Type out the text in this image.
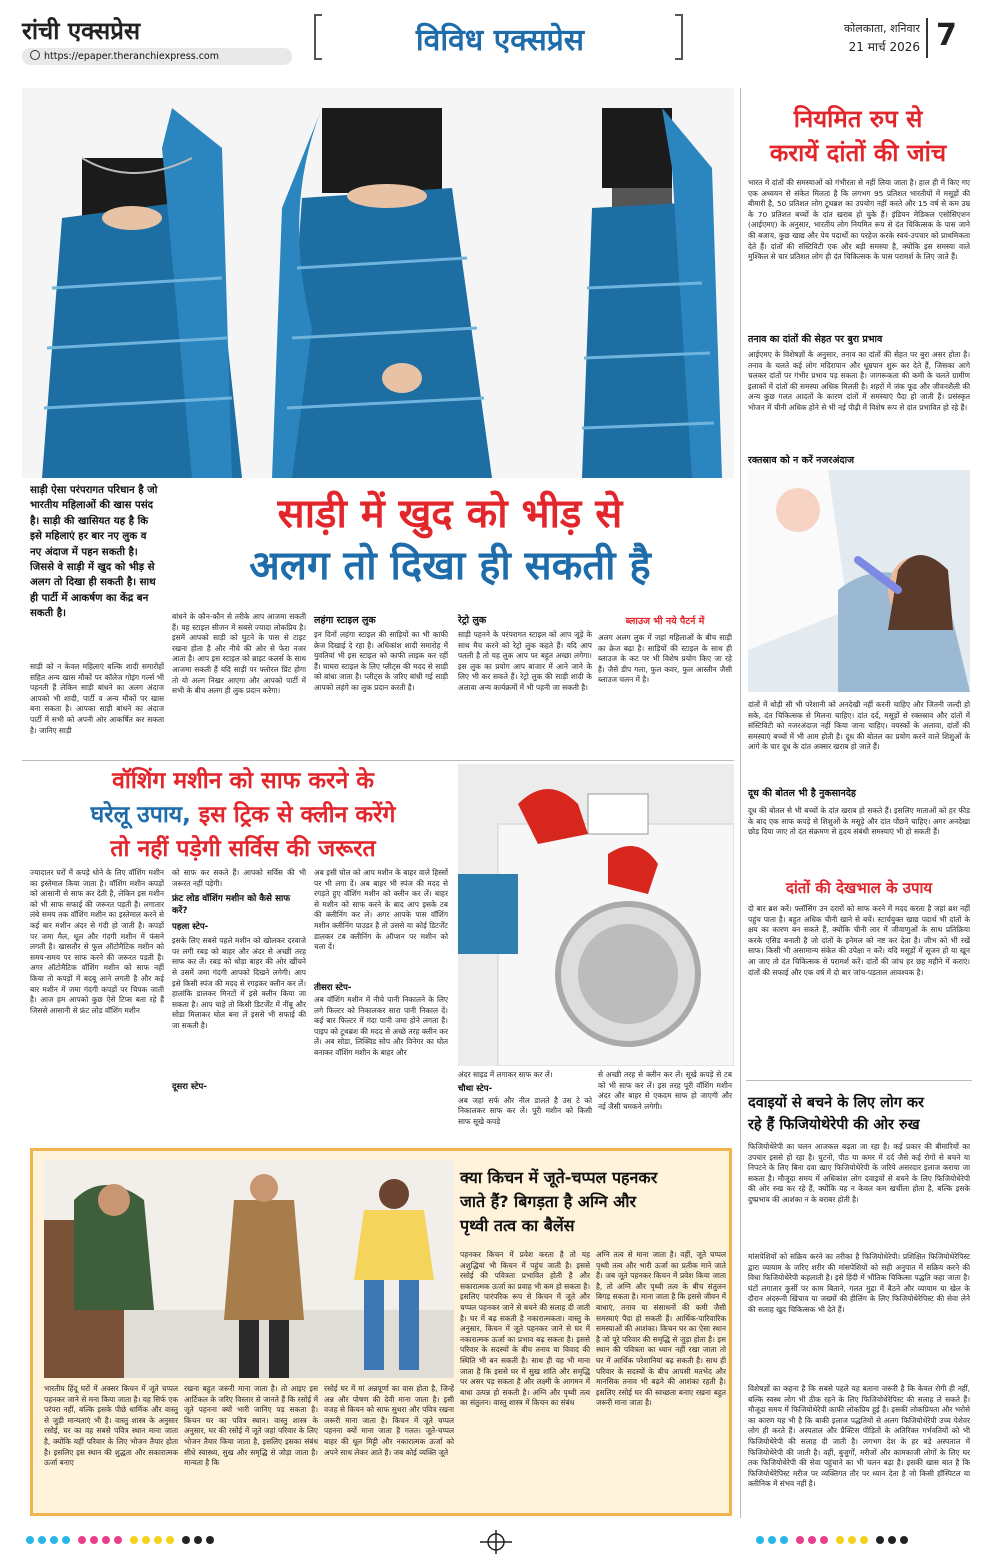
रांची एक्सप्रेस
https://epaper.theranchiexpress.com	विविध एक्सप्रेस	कोलकाता, शनिवार
21 मार्च 2026 7
साड़ी ऐसा परंपरागत परिधान है जो भारतीय महिलाओं की खास पसंद है। साड़ी की खासियत यह है कि इसे महिलाएं हर बार नए लुक व नए अंदाज में पहन सकती है। जिससे वे साड़ी में खुद को भीड़ से अलग तो दिखा ही सकती है। साथ ही पार्टी में आकर्षण का केंद्र बन सकती है।
साड़ी में खुद को भीड़ से
अलग तो दिखा ही सकती है
साड़ी को न केवल महिलाएं बल्कि शादी समारोहों सहित अन्य खास मौकों पर कॉलेज गोइंग गर्ल्स भी पहनती हैं लेकिन साड़ी बांधने का अलग अंदाज आपको भी शादी, पार्टी व अन्य मौकों पर खास बना सकता है। आपका साड़ी बांधने का अंदाज पार्टी में सभी को अपनी ओर आकर्षित कर सकता है। जानिए साड़ी
बांधने के कौन-कौन से तरीके आप आजमा सकती हैं। यह स्टाइल सीजन में सबसे ज्यादा लोकप्रिय है। इसमें आपको साड़ी को घुटने के पास से टाइट रखना होता है और नीचे की ओर से फेरा नजर आता है। आप इस स्टाइल को ब्राइट कलर्स के साथ आजमा सकती हैं यदि साड़ी पर फ्लोरल प्रिंट होगा तो यो अल्ग निखर आएगा और आपको पार्टी में सभी के बीच अलग ही लुक प्रदान करेगा।
लहंगा स्टाइल लुक
इन दिनों लहंगा स्टाइल की साड़ियों का भी काफी क्रेज दिखाई दे रहा है। अधिकांश शादी समारोह में युवतियां भी इस स्टाइल को काफी लाइक कर रहीं हैं। घाघरा स्टाइल के लिए प्लीट्स की मदद से साड़ी को बांधा जाता है। प्लीट्स के जरिए बांधी गई साड़ी आपको लहंगे का लुक प्रदान करती है।
रेट्रो लुक
साड़ी पहनने के परंपरागत स्टाइल को आप जूड़े के साथ मैच करने को रेट्रो लुक कहते हैं। यदि आप पतली है तो यह लुक आप पर बहुत अच्छा लगेगा। इस लुक का प्रयोग आप बाजार में आने जाने के लिए भी कर सकते हैं। रेट्रो लुक की साड़ी शादी के अलावा अन्य कार्यक्रमों में भी पहनी जा सकती है।
ब्लाउज भी नये पैटर्न में
अलग अलग लुक में जहां महिलाओं के बीच साड़ी का क्रेज बढ़ा है। साड़ियों की स्टाइल के साथ ही ब्लाउज के कट पर भी विशेष प्रयोग किए जा रहे हैं। जैसे डीप गला, फुल कवर, फुल आस्तीन जैसी ब्लाउज चलन में है।
वॉशिंग मशीन को साफ करने के
घरेलू उपाय, इस ट्रिक से क्लीन करेंगे
तो नहीं पड़ेगी सर्विस की जरूरत
ज्यादातर घरों में कपड़े धोने के लिए वॉशिंग मशीन का इस्तेमाल किया जाता है। वॉशिंग मशीन कपड़ों को आसानी से साफ कर देती है, लेकिन इस मशीन को भी साफ सफाई की जरूरत पड़ती है। लगातार लंबे समय तक वॉशिंग मशीन का इस्तेमाल करने से कई बार मशीन अंदर से गंदी हो जाती है। कपड़ों पर जमा मैल, धूल और गंदगी मशीन में फंसने लगती है। खासतौर से फुल ऑटोमैटिक मशीन को समय-समय पर साफ करने की जरूरत पड़ती है। अगर ऑटोमैटिक वॉशिंग मशीन को साफ नहीं किया तो कपड़ों में बदबू आने लगती है और कई बार मशीन में जमा गंदगी कपड़ों पर चिपक जाती है। आज हम आपको कुछ ऐसे टिप्स बता रहे हैं जिससे आसानी से फ्रंट लोड वॉशिंग मशीन
को साफ कर सकते हैं। आपको सर्विस की भी जरूरत नहीं पड़ेगी।
फ्रंट लोड वॉशिंग मशीन को कैसे साफ करें?
पहला स्टेप-
इसके लिए सबसे पहले मशीन को खोलकर दरवाजे पर लगी रबड़ को बाहर और अंदर से अच्छी तरह साफ कर लें। रबड़ को थोड़ा बाहर की ओर खींचने से उसमें जमा गंदगी आपको दिखने लगेगी। आप इसे किसी स्पंज की मदद से रगड़कर क्लीन कर लें। हालांकि डालकर मिनटों में इसे क्लीन किया जा सकता है। आप चाहे तो किसी डिटर्जेंट में नींबू और सोडा मिलाकर घोल बना लें इससे भी सफाई की जा सकती है।
दूसरा स्टेप-
अब इसी घोल को आप मशीन के बाहर वाले हिस्सों पर भी लगा दें। अब बाहर भी स्पंज की मदद से रगड़ते हुए वॉशिंग मशीन को क्लीन कर लें। बाहर से मशीन को साफ करने के बाद आप इसके टब की क्लीनिंग कर लें। अगर आपके पास वॉशिंग मशीन क्लीनिंग पाउडर है तो उससे या कोई डिटर्जेंट डालकर टब क्लीनिंग के ऑप्शन पर मशीन को चला दें।
तीसरा स्टेप-
अब वॉशिंग मशीन में नीचे पानी निकालने के लिए लगे फिल्टर को निकालकर सारा पानी निकाल दें। कई बार फिल्टर में गंदा पानी जमा होने लगता है। पाइप को टूथब्रश की मदद से अच्छे तरह क्लीन कर लें। अब सोडा, लिक्विड सोप और विनेगर का घोल बनाकर वॉशिंग मशीन के बाहर और
अंदर साइड में लगाकर साफ कर लें।
चौथा स्टेप-
अब जहां सर्फ और नील डालते है उस टे को निकालकर साफ कर लें। पूरी मशीन को किसी साफ सूखे कपड़े
से अच्छी तरह से क्लीन कर लें। सूखे कपड़े से टब को भी साफ कर लें। इस तरह पूरी वॉशिंग मशीन अंदर और बाहर से एकदम साफ हो जाएगी और नई जैसी चमकने लगेगी।
क्या किचन में जूते-चप्पल पहनकर
जाते हैं? बिगड़ता है अग्नि और
पृथ्वी तत्व का बैलेंस
भारतीय हिंदू घरों में अक्सर किचन में जूते चप्पल पहनकर जाने से मना किया जाता है। यह सिर्फ एक परंपरा नहीं, बल्कि इसके पीछे धार्मिक और वास्तु से जुड़ी मान्यताएं भी है। वास्तु शास्त्र के अनुसार रसोई, घर का वह सबसे पवित्र स्थान माना जाता है, क्योंकि यहीं परिवार के लिए भोजन तैयार होता है। इसलिए इस स्थान की शुद्धता और सकारात्मक ऊर्जा बनाए
रखना बहुत जरूरी माना जाता है। तो आइए इस आर्टिकल के जरिए विस्तार से जानते हैं कि रसोई में जूते पहनना क्यों भारी जानिए पड़ सकता है। किचन घर का पवित्र स्थान। वास्तु शास्त्र के अनुसार, घर की रसोई में जूते जहां परिवार के लिए भोजन तैयार किया जाता है, इसलिए इसका संबंध सीधे स्वास्थ्य, सुख और समृद्धि से जोड़ा जाता है। मान्यता है कि
रसोई घर में मां अन्नपूर्णा का वास होता है, जिन्हें अन्न और पोषण की देवी माना जाता है। इसी वजह से किचन को साफ सुथरा और पवित्र रखना जरूरी माना जाता है। किचन में जूते चप्पल पहनना क्यों माना जाता है गलत। जूते-चप्पल बाहर की धूल मिट्टी और नकारात्मक ऊर्जा को अपने साथ लेकर आते हैं। जब कोई व्यक्ति जूते
पहनकर किचन में प्रवेश करता है तो यह अशुद्धियां भी किचन में पहुंच जाती है। इससे रसोई की पवित्रता प्रभावित होती है और सकारात्मक ऊर्जा का प्रवाह भी कम हो सकता है। इसलिए पारंपरिक रूप से किचन में जूते और चप्पल पहनकर जाने से बचने की सलाह दी जाती है। घर में बढ़ सकती है नकारात्मकता। वास्तु के अनुसार, किचन में जूते पहनकर जाने से घर में नकारात्मक ऊर्जा का प्रभाव बढ़ सकता है। इससे परिवार के सदस्यों के बीच तनाव या विवाद की स्थिति भी बन सकती है। साथ ही यह भी माना जाता है कि इससे घर में सुख शांति और समृद्धि पर असर पड़ सकता है और लक्ष्मी के आगमन में बाधा उत्पन्न हो सकती है। अग्नि और पृथ्वी तत्व का संतुलन। वास्तु शास्त्र में किचन का संबंध
अग्नि तत्व से माना जाता है। वहीं, जूते चप्पल पृथ्वी तत्व और भारी ऊर्जा का प्रतीक माने जाते हैं। जब जूते पहनकर किचन में प्रवेश किया जाता है, तो अग्नि और पृथ्वी तत्व के बीच संतुलन बिगड़ सकता है। माना जाता है कि इससे जीवन में बाधाएं, तनाव या संसाधनों की कमी जैसी समस्याएं पैदा हो सकती हैं। आर्थिक-पारिवारिक समस्याओं की आशंका। किचन घर का ऐसा स्थान है जो पूरे परिवार की समृद्धि से जुड़ा होता है। इस स्थान की पवित्रता का ध्यान नहीं रखा जाता तो घर में आर्थिक परेशानियां बढ़ सकती है। साथ ही परिवार के सदस्यों के बीच आपसी मतभेद और मानसिक तनाव भी बढ़ने की आशंका रहती है। इसलिए रसोई घर की स्वच्छता बनाए रखना बहुत जरूरी माना जाता है।
नियमित रुप से
करायें दांतों की जांच
भारत में दांतों की समस्याओं को गंभीरता से नहीं लिया जाता है। हाल ही में किए गए एक अध्ययन से संकेत मिलता है कि लगभग 95 प्रतिशत भारतीयों में मसूड़ों की बीमारी है, 50 प्रतिशत लोग टूथब्रश का उपयोग नहीं करते और 15 वर्ष से कम उम्र के 70 प्रतिशत बच्चों के दांत खराब हो चुके हैं। इंडियन मेडिकल एसोसिएशन (आईएमए) के अनुसार, भारतीय लोग नियमित रूप से दंत चिकित्सक के पास जाने की बजाय, कुछ खाद्य और पेय पदार्थों का परहेज करके स्वयं-उपचार को प्राथमिकता देते हैं। दांतों की संस्टिविटी एक और बड़ी समस्या है, क्योंकि इस समस्या वाले मुश्किल से चार प्रतिशत लोग ही दंत चिकित्सक के पास परामर्श के लिए जाते हैं।
तनाव का दांतों की सेहत पर बुरा प्रभाव
आईएमए के विशेषज्ञों के अनुसार, तनाव का दांतों की सेहत पर बुरा असर होता है। तनाव के चलते कई लोग मदिरापान और धूम्रपान शुरू कर देते हैं, जिसका आगे चलकर दांतों पर गंभीर प्रभाव पड़ सकता है। जागरूकता की कमी के चलते ग्रामीण इलाकों में दांतों की समस्या अधिक मिलती है। शहरों में जंक फूड और जीवनशैली की अन्य कुछ गलत आदतों के कारण दांतों में समस्याएं पैदा हो जाती हैं। प्रसंस्कृत भोजन में चीनी अधिक होने से भी नई पीढ़ी में विशेष रूप से दांत प्रभावित हो रहे हैं।
रक्तस्राव को न करें नजरअंदाज
दांतों में थोड़ी सी भी परेशानी को अनदेखी नहीं करनी चाहिए और जितनी जल्दी हो सके, दंत चिकित्सक से मिलना चाहिए। दांत दर्द, मसूड़ों से रक्तस्राव और दांतों में संस्टिविटी को नजरअंदाज नहीं किया जाना चाहिए। वयस्कों के अलावा, दांतों की समस्याएं बच्चों में भी आम होती है। दूध की बोतल का प्रयोग करने वाले शिशुओं के आगे के चार दूध के दांत अक्सर खराब हो जाते हैं।
दूध की बोतल भी है नुकसानदेह
दूध की बोतल से भी बच्चों के दांत खराब हो सकते हैं। इसलिए माताओं को हर फीड के बाद एक साफ कपड़े से शिशुओं के मसूड़े और दांत पोंछने चाहिए। अगर अनदेखा छोड़ दिया जाए तो दंत संक्रमण से हृदय संबंधी समस्याएं भी हो सकती हैं।
दांतों की देखभाल के उपाय
दो बार ब्रश करें। फ्लॉसिंग उन दरारों को साफ करने में मदद करता है जहां ब्रश नहीं पहुंच पाता है। बहुत अधिक चीनी खाने से बचें। स्टार्चयुक्त खाद्य पदार्थ भी दांतों के क्षय का कारण बन सकते हैं, क्योंकि चीनी लार में जीवाणुओं के साथ प्रतिक्रिया करके एसिड बनाती है जो दांतों के इनेमल को नष्ट कर देता है। जीभ को भी रखें साफ। किसी भी असामान्य संकेत की उपेक्षा न करें। यदि मसूड़ों में सूजन हो या खून आ जाए तो दंत चिकित्सक से परामर्श करें। दांतों की जांच हर छह महीने में कराएं। दांतों की सफाई और एक वर्ष में दो बार जांच-पड़ताल आवश्यक है।
दवाइयों से बचने के लिए लोग कर
रहे हैं फिजियोथेरेपी की ओर रुख
फिजियोथेरेपी का चलन आजकल बढ़ता जा रहा है। कई प्रकार की बीमारियों का उपचार इससे हो रहा है। घुटनों, पीठ या कमर में दर्द जैसे कई रोगों से बचने या निपटने के लिए बिना दवा खाए फिजियोथेरेपी के जरिये असरदार इलाज कराया जा सकता है। मौजूदा समय में अधिकांश लोग दवाइयों से बचने के लिए फिजियोथेरेपी की ओर रुख कर रहे हैं, क्योंकि यह न केवल कम खर्चीला होता है, बल्कि इसके दुष्प्रभाव की आशंका न के बराबर होती है।
मांसपेशियों को सक्रिय करने का तरीका है फिजियोथेरेपी। प्रशिक्षित फिजियोथेरेपिस्ट द्वारा व्यायाम के जरिए शरीर की मांसपेशियों को सही अनुपात में सक्रिय करने की विधा फिजियोथेरेपी कहलाती है। इसे हिंदी में भौतिक चिकित्सा पद्धति कहा जाता है। घंटों लगातार कुर्सी पर काम बिताने, गलत मुद्रा में बैठने और व्यायाम या खेल के दौरान अंदरूनी खिंचाव या जख्मों की हीलिंग के लिए फिजियोथेरेपिस्ट की सेवा लेने की सलाह खुद चिकित्सक भी देते हैं।
विशेषज्ञों का कहना है कि सबसे पहले यह बताना जरूरी है कि केवल रोगी ही नहीं, बल्कि स्वस्थ लोग भी ठीक रहने के लिए फिजियोथेरेपिस्ट की सलाह ले सकते हैं। मौजूदा समय में फिजियोथेरेपी काफी लोकप्रिय हुई है। इसकी लोकप्रियता और भरोसे का कारण यह भी है कि बाकी इलाज पद्धतियों से अलग फिजियोथेरेपी उच्च पेशेवर लोग ही करते हैं। अस्पताल और प्रैक्टिस पीड़ितों के अतिरिक्त गर्भवतियों को भी फिजियोथेरेपी की सलाह दी जाती है। लगभग देश के हर बड़े अस्पताल में फिजियोथेरेपी की जाती है। वहीं, बुजुर्गों, मरीजों और कामकाजी लोगों के लिए घर तक फिजियोथेरेपी की सेवा पहुंचाने का भी चलन बढ़ा है। इसकी खास बात है कि फिजियोथेरेपिस्ट मरीज पर व्यक्तिगत तौर पर ध्यान देता है जो किसी हॉस्पिटल या क्लीनिक में संभव नहीं है।
